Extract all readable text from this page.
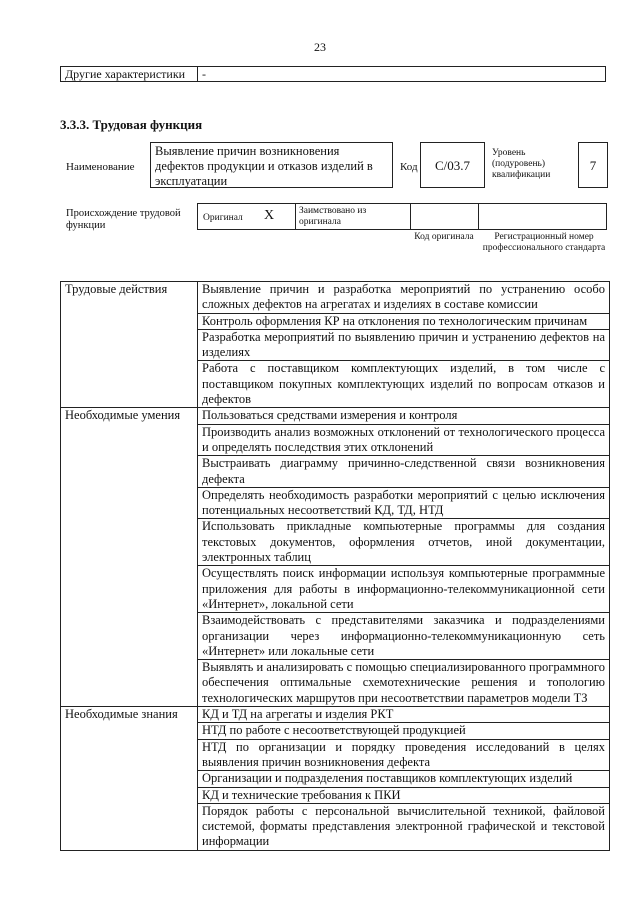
23
Другие характеристики	-
3.3.3. Трудовая функция
Наименование
Выявление причин возникновения дефектов продукции и отказов изделий в эксплуатации
Код	С/03.7
Уровень (подуровень) квалификации
7
Происхождение трудовой функции
Оригинал Х	Заимствовано из оригинала
Код оригинала	Регистрационный номер профессионального стандарта
Трудовые действия	Выявление причин и разработка мероприятий по устранению особо сложных дефектов на агрегатах и изделиях в составе комиссии
	Контроль оформления КР на отклонения по технологическим причинам
	Разработка мероприятий по выявлению причин и устранению дефектов на изделиях
	Работа с поставщиком комплектующих изделий, в том числе с поставщиком покупных комплектующих изделий по вопросам отказов и дефектов
Необходимые умения	Пользоваться средствами измерения и контроля
	Производить анализ возможных отклонений от технологического процесса и определять последствия этих отклонений
	Выстраивать диаграмму причинно-следственной связи возникновения дефекта
	Определять необходимость разработки мероприятий с целью исключения потенциальных несоответствий КД, ТД, НТД
	Использовать прикладные компьютерные программы для создания текстовых документов, оформления отчетов, иной документации, электронных таблиц
	Осуществлять поиск информации используя компьютерные программные приложения для работы в информационно-телекоммуникационной сети «Интернет», локальной сети
	Взаимодействовать с представителями заказчика и подразделениями организации через информационно-телекоммуникационную сеть «Интернет» или локальные сети
	Выявлять и анализировать с помощью специализированного программного обеспечения оптимальные схемотехнические решения и топологию технологических маршрутов при несоответствии параметров модели ТЗ
Необходимые знания	КД и ТД на агрегаты и изделия РКТ
	НТД по работе с несоответствующей продукцией
	НТД по организации и порядку проведения исследований в целях выявления причин возникновения дефекта
	Организации и подразделения поставщиков комплектующих изделий
	КД и технические требования к ПКИ
	Порядок работы с персональной вычислительной техникой, файловой системой, форматы представления электронной графической и текстовой информации
